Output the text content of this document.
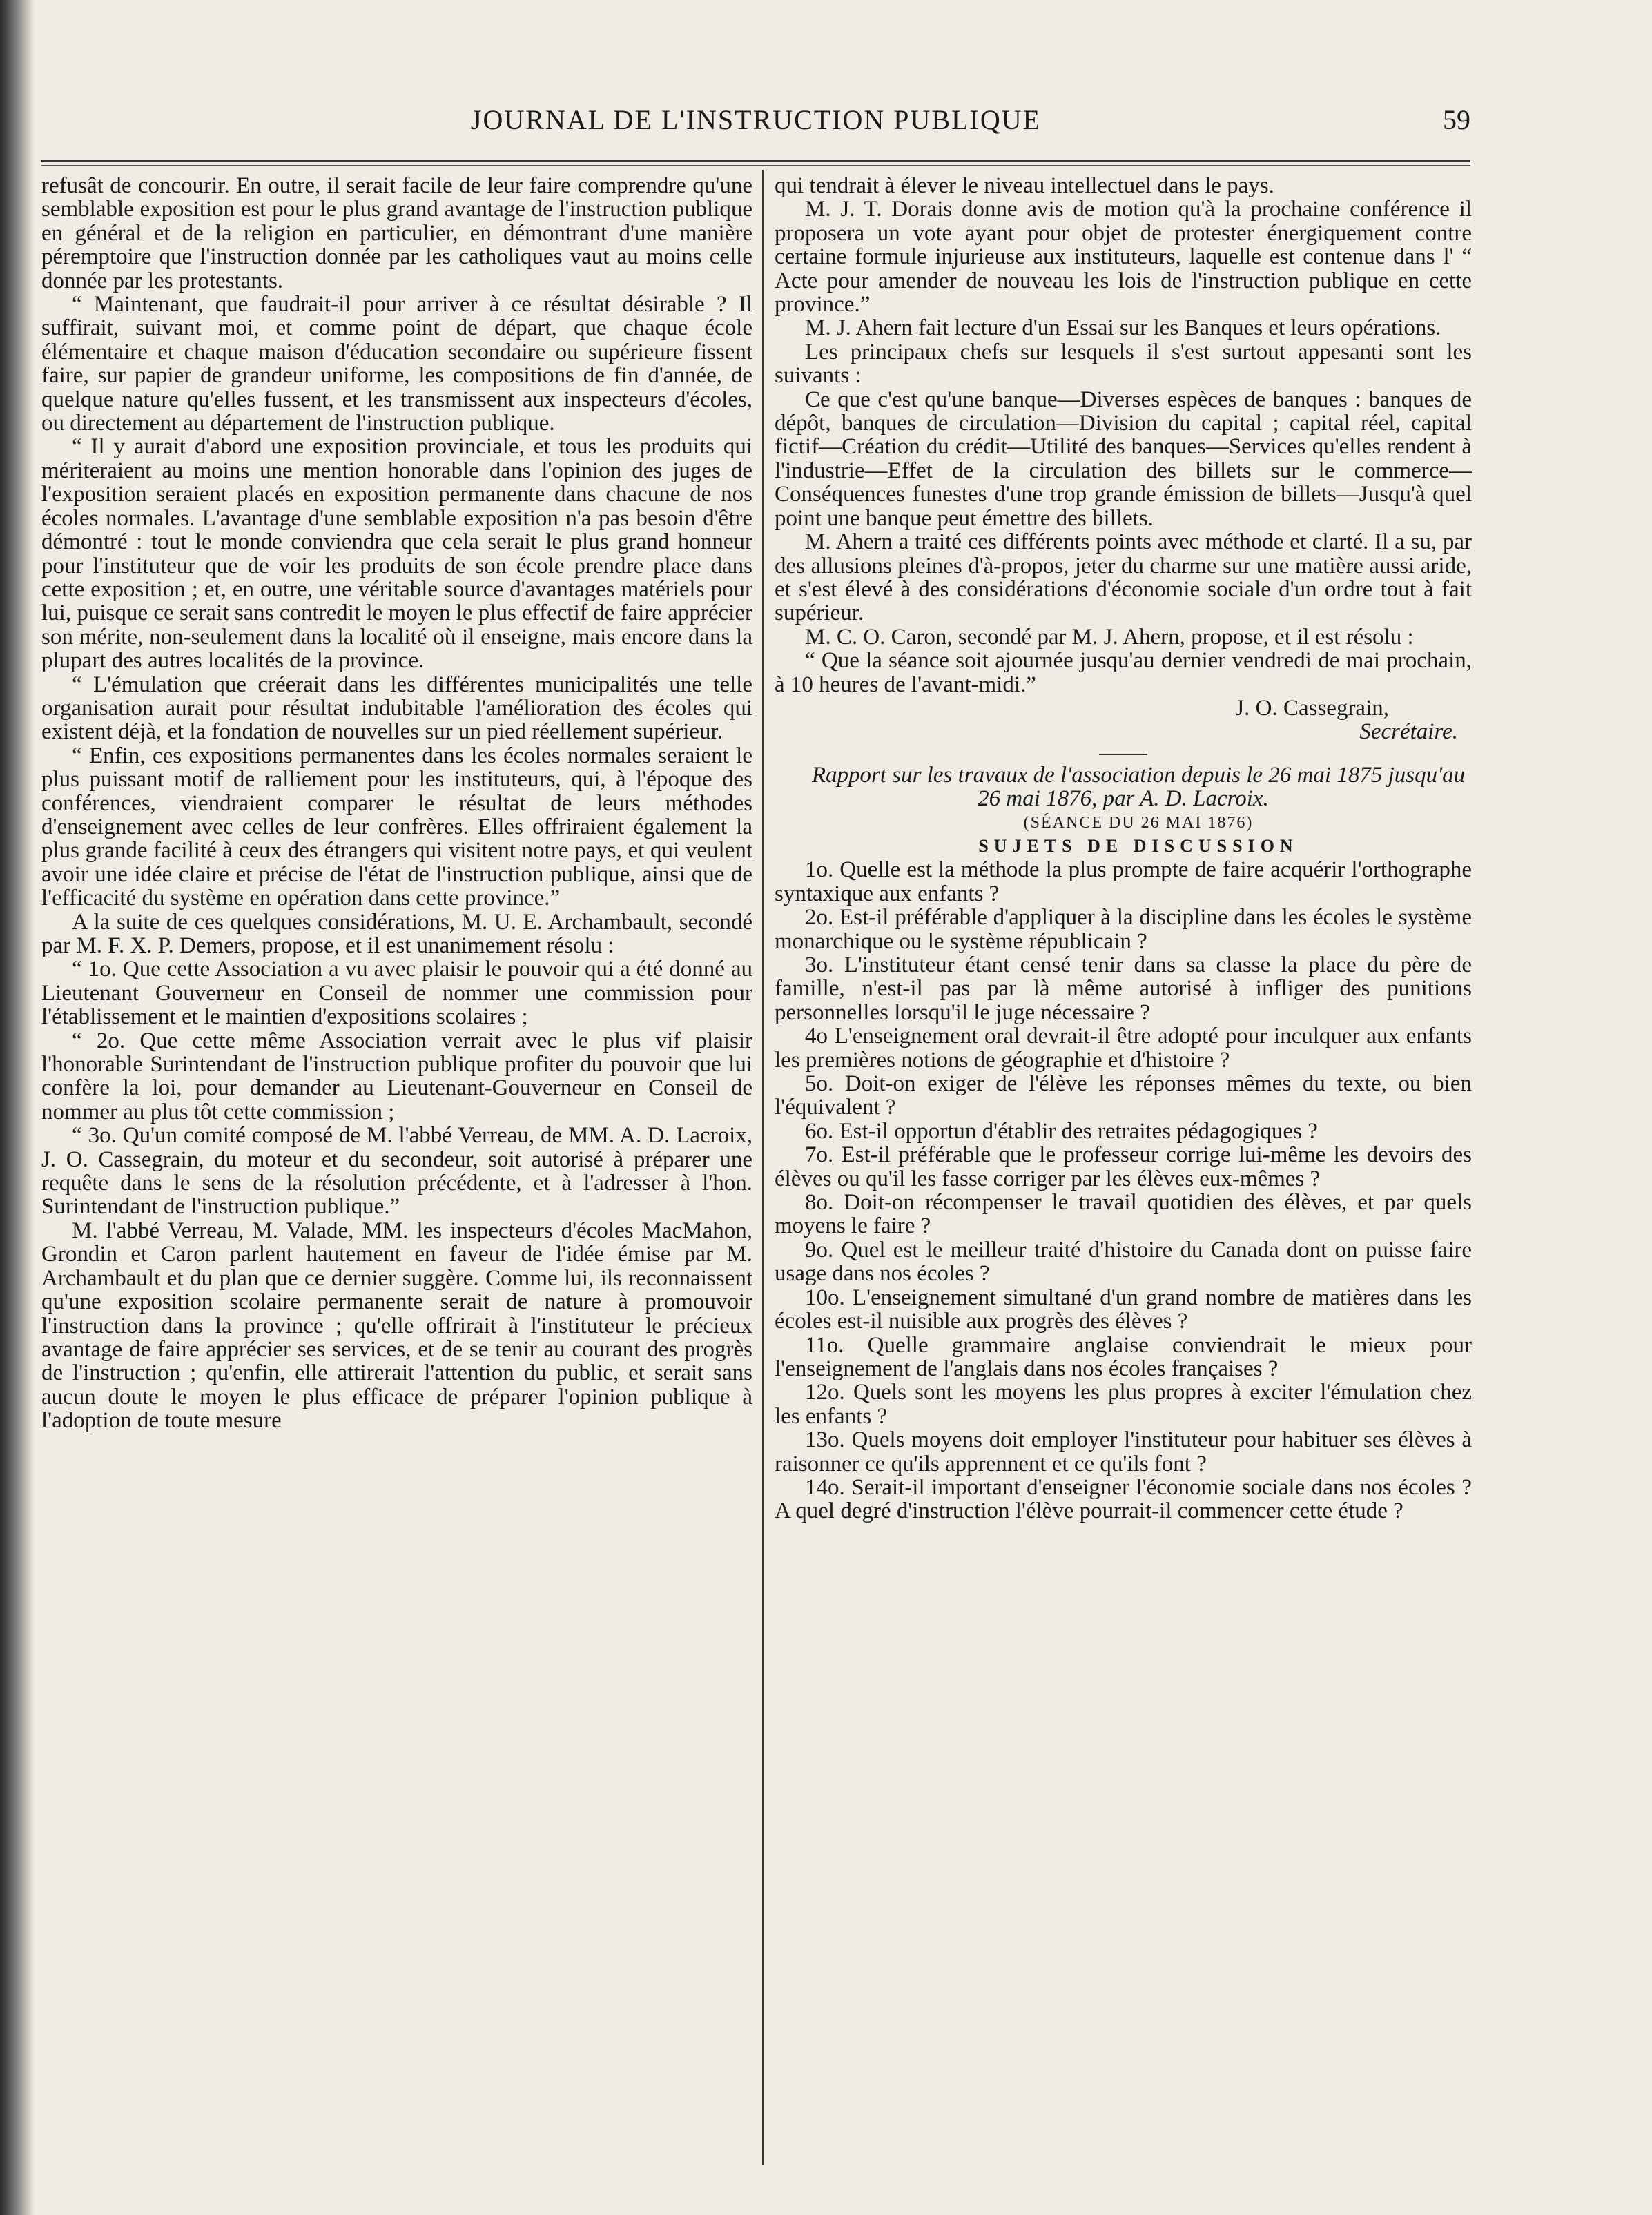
JOURNAL DE L'INSTRUCTION PUBLIQUE	59

refusât de concourir. En outre, il serait facile de leur faire comprendre qu'une semblable exposition est pour le plus grand avantage de l'instruction publique en général et de la religion en particulier, en démontrant d'une manière péremptoire que l'instruction donnée par les catholiques vaut au moins celle donnée par les protestants.

“ Maintenant, que faudrait-il pour arriver à ce résultat désirable ? Il suffirait, suivant moi, et comme point de départ, que chaque école élémentaire et chaque maison d'éducation secondaire ou supérieure fissent faire, sur papier de grandeur uniforme, les compositions de fin d'année, de quelque nature qu'elles fussent, et les transmissent aux inspecteurs d'écoles, ou directement au département de l'instruction publique.

“ Il y aurait d'abord une exposition provinciale, et tous les produits qui mériteraient au moins une mention honorable dans l'opinion des juges de l'exposition seraient placés en exposition permanente dans chacune de nos écoles normales. L'avantage d'une semblable exposition n'a pas besoin d'être démontré : tout le monde conviendra que cela serait le plus grand honneur pour l'instituteur que de voir les produits de son école prendre place dans cette exposition ; et, en outre, une véritable source d'avantages matériels pour lui, puisque ce serait sans contredit le moyen le plus effectif de faire apprécier son mérite, non-seulement dans la localité où il enseigne, mais encore dans la plupart des autres localités de la province.

“ L'émulation que créerait dans les différentes municipalités une telle organisation aurait pour résultat indubitable l'amélioration des écoles qui existent déjà, et la fondation de nouvelles sur un pied réellement supérieur.

“ Enfin, ces expositions permanentes dans les écoles normales seraient le plus puissant motif de ralliement pour les instituteurs, qui, à l'époque des conférences, viendraient comparer le résultat de leurs méthodes d'enseignement avec celles de leur confrères. Elles offriraient également la plus grande facilité à ceux des étrangers qui visitent notre pays, et qui veulent avoir une idée claire et précise de l'état de l'instruction publique, ainsi que de l'efficacité du système en opération dans cette province.”

A la suite de ces quelques considérations, M. U. E. Archambault, secondé par M. F. X. P. Demers, propose, et il est unanimement résolu :

“ 1o. Que cette Association a vu avec plaisir le pouvoir qui a été donné au Lieutenant Gouverneur en Conseil de nommer une commission pour l'établissement et le maintien d'expositions scolaires ;

“ 2o. Que cette même Association verrait avec le plus vif plaisir l'honorable Surintendant de l'instruction publique profiter du pouvoir que lui confère la loi, pour demander au Lieutenant-Gouverneur en Conseil de nommer au plus tôt cette commission ;

“ 3o. Qu'un comité composé de M. l'abbé Verreau, de MM. A. D. Lacroix, J. O. Cassegrain, du moteur et du secondeur, soit autorisé à préparer une requête dans le sens de la résolution précédente, et à l'adresser à l'hon. Surintendant de l'instruction publique.”

M. l'abbé Verreau, M. Valade, MM. les inspecteurs d'écoles MacMahon, Grondin et Caron parlent hautement en faveur de l'idée émise par M. Archambault et du plan que ce dernier suggère. Comme lui, ils reconnaissent qu'une exposition scolaire permanente serait de nature à promouvoir l'instruction dans la province ; qu'elle offrirait à l'instituteur le précieux avantage de faire apprécier ses services, et de se tenir au courant des progrès de l'instruction ; qu'enfin, elle attirerait l'attention du public, et serait sans aucun doute le moyen le plus efficace de préparer l'opinion publique à l'adoption de toute mesure

qui tendrait à élever le niveau intellectuel dans le pays.

M. J. T. Dorais donne avis de motion qu'à la prochaine conférence il proposera un vote ayant pour objet de protester énergiquement contre certaine formule injurieuse aux instituteurs, laquelle est contenue dans l' “ Acte pour amender de nouveau les lois de l'instruction publique en cette province.”

M. J. Ahern fait lecture d'un Essai sur les Banques et leurs opérations.

Les principaux chefs sur lesquels il s'est surtout appesanti sont les suivants :

Ce que c'est qu'une banque—Diverses espèces de banques : banques de dépôt, banques de circulation—Division du capital ; capital réel, capital fictif—Création du crédit—Utilité des banques—Services qu'elles rendent à l'industrie—Effet de la circulation des billets sur le commerce—Conséquences funestes d'une trop grande émission de billets—Jusqu'à quel point une banque peut émettre des billets.

M. Ahern a traité ces différents points avec méthode et clarté. Il a su, par des allusions pleines d'à-propos, jeter du charme sur une matière aussi aride, et s'est élevé à des considérations d'économie sociale d'un ordre tout à fait supérieur.

M. C. O. Caron, secondé par M. J. Ahern, propose, et il est résolu :

“ Que la séance soit ajournée jusqu'au dernier vendredi de mai prochain, à 10 heures de l'avant-midi.”

J. O. Cassegrain,

Secrétaire.

Rapport sur les travaux de l'association depuis le 26 mai 1875 jusqu'au 26 mai 1876, par A. D. Lacroix.

(SÉANCE DU 26 MAI 1876)

SUJETS DE DISCUSSION

1o. Quelle est la méthode la plus prompte de faire acquérir l'orthographe syntaxique aux enfants ?

2o. Est-il préférable d'appliquer à la discipline dans les écoles le système monarchique ou le système républicain ?

3o. L'instituteur étant censé tenir dans sa classe la place du père de famille, n'est-il pas par là même autorisé à infliger des punitions personnelles lorsqu'il le juge nécessaire ?

4o L'enseignement oral devrait-il être adopté pour inculquer aux enfants les premières notions de géographie et d'histoire ?

5o. Doit-on exiger de l'élève les réponses mêmes du texte, ou bien l'équivalent ?

6o. Est-il opportun d'établir des retraites pédagogiques ?

7o. Est-il préférable que le professeur corrige lui-même les devoirs des élèves ou qu'il les fasse corriger par les élèves eux-mêmes ?

8o. Doit-on récompenser le travail quotidien des élèves, et par quels moyens le faire ?

9o. Quel est le meilleur traité d'histoire du Canada dont on puisse faire usage dans nos écoles ?

10o. L'enseignement simultané d'un grand nombre de matières dans les écoles est-il nuisible aux progrès des élèves ?

11o. Quelle grammaire anglaise conviendrait le mieux pour l'enseignement de l'anglais dans nos écoles françaises ?

12o. Quels sont les moyens les plus propres à exciter l'émulation chez les enfants ?

13o. Quels moyens doit employer l'instituteur pour habituer ses élèves à raisonner ce qu'ils apprennent et ce qu'ils font ?

14o. Serait-il important d'enseigner l'économie sociale dans nos écoles ? A quel degré d'instruction l'élève pourrait-il commencer cette étude ?
